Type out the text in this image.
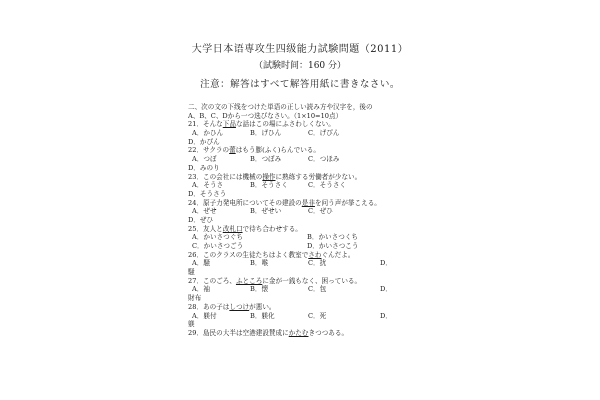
大学日本语専攻生四级能力試験問題（2011）
（試験时间：160 分）
注意：解答はすべて解答用紙に書きなさい。
二、次の文の下线をつけた単语の正しい読み方や汉字を，後の
A、B、C、Dから一つ选びなさい。（1×10=10点）
21．そんな下品な話はこの場にふさわしくない。
A．かひん	B．げひん	C．げぴん
D．かぴん
22．サクラの蕾はもう膨(ふく)らんでいる。
A．つぼ	B．つぼみ	C．つほみ
D．みのり
23．この会社には機械の操作に熟练する労働者が少ない。
A．そうさ	B．そうさく	C．そうさく
D．そうさう
24．原子力発电所についてその建設の是非を问う声が挙こえる。
A．ぜせ	B．ぜせい	C．ぜひ
D．ぜひ
25．友人と改札口で待ち合わせする。
A．かいさつぐち	B．かいさつくち
C．かいさつごう	D．かいさつこう
26．このクラスの生徒たちはよく教室でさわぐんだよ。
A．騒	B．喉	C．扰	D．
騒
27．このごろ、ふところに金が一銭もなく、困っている。
A．袖	B．懐	C．包	D．
財布
28．あの子はしつけが悪い。
A．躾付	B．躾化	C．死	D．
躾
29．島民の大半は空港建設賛成にかたむきつつある。
